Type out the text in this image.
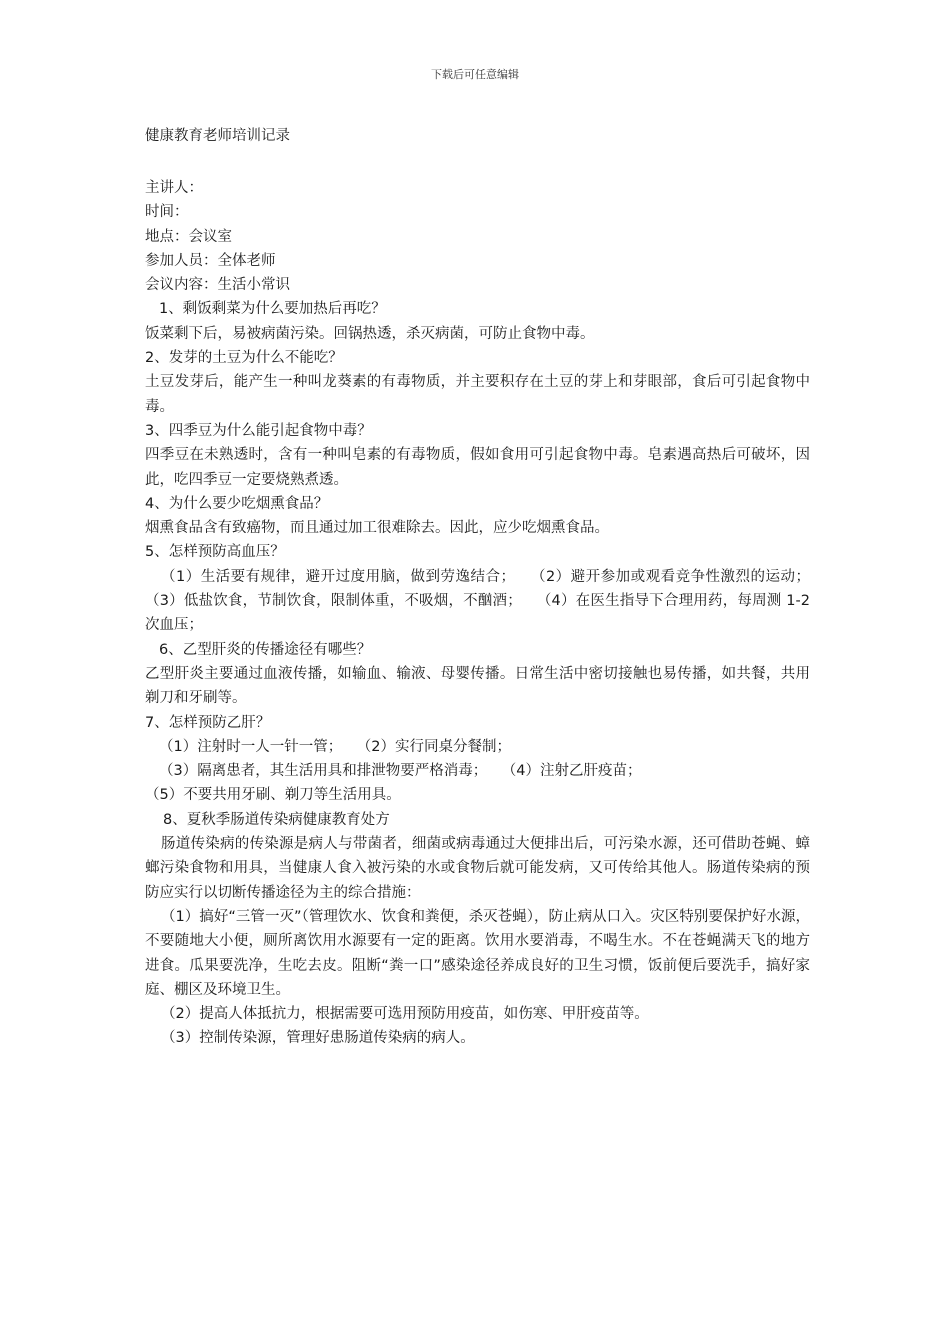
下载后可任意编辑
健康教育老师培训记录

主讲人：

时间：

地点：会议室

参加人员：全体老师

会议内容：生活小常识

1、剩饭剩菜为什么要加热后再吃？

饭菜剩下后，易被病菌污染。回锅热透，杀灭病菌，可防止食物中毒。

2、发芽的土豆为什么不能吃？

土豆发芽后，能产生一种叫龙葵素的有毒物质，并主要积存在土豆的芽上和芽眼部，食后可引起食物中毒。

3、四季豆为什么能引起食物中毒？

四季豆在未熟透时，含有一种叫皂素的有毒物质，假如食用可引起食物中毒。皂素遇高热后可破坏，因此，吃四季豆一定要烧熟煮透。

4、为什么要少吃烟熏食品？

烟熏食品含有致癌物，而且通过加工很难除去。因此，应少吃烟熏食品。

5、怎样预防高血压？

（1）生活要有规律，避开过度用脑，做到劳逸结合；　　（2）避开参加或观看竞争性激烈的运动；（3）低盐饮食，节制饮食，限制体重，不吸烟，不酗酒；　　（4）在医生指导下合理用药，每周测 1-2 次血压；

6、乙型肝炎的传播途径有哪些？

乙型肝炎主要通过血液传播，如输血、输液、母婴传播。日常生活中密切接触也易传播，如共餐，共用剃刀和牙刷等。

7、怎样预防乙肝？

（1）注射时一人一针一管；　　（2）实行同桌分餐制；

（3）隔离患者，其生活用具和排泄物要严格消毒；　　（4）注射乙肝疫苗；

（5）不要共用牙刷、剃刀等生活用具。

8、夏秋季肠道传染病健康教育处方

肠道传染病的传染源是病人与带菌者，细菌或病毒通过大便排出后，可污染水源，还可借助苍蝇、蟑螂污染食物和用具，当健康人食入被污染的水或食物后就可能发病，又可传给其他人。肠道传染病的预防应实行以切断传播途径为主的综合措施：

（1）搞好“三管一灭”（管理饮水、饮食和粪便，杀灭苍蝇），防止病从口入。灾区特别要保护好水源，不要随地大小便，厕所离饮用水源要有一定的距离。饮用水要消毒，不喝生水。不在苍蝇满天飞的地方进食。瓜果要洗净，生吃去皮。阻断“粪一口”感染途径养成良好的卫生习惯，饭前便后要洗手，搞好家庭、棚区及环境卫生。

（2）提高人体抵抗力，根据需要可选用预防用疫苗，如伤寒、甲肝疫苗等。

（3）控制传染源，管理好患肠道传染病的病人。
